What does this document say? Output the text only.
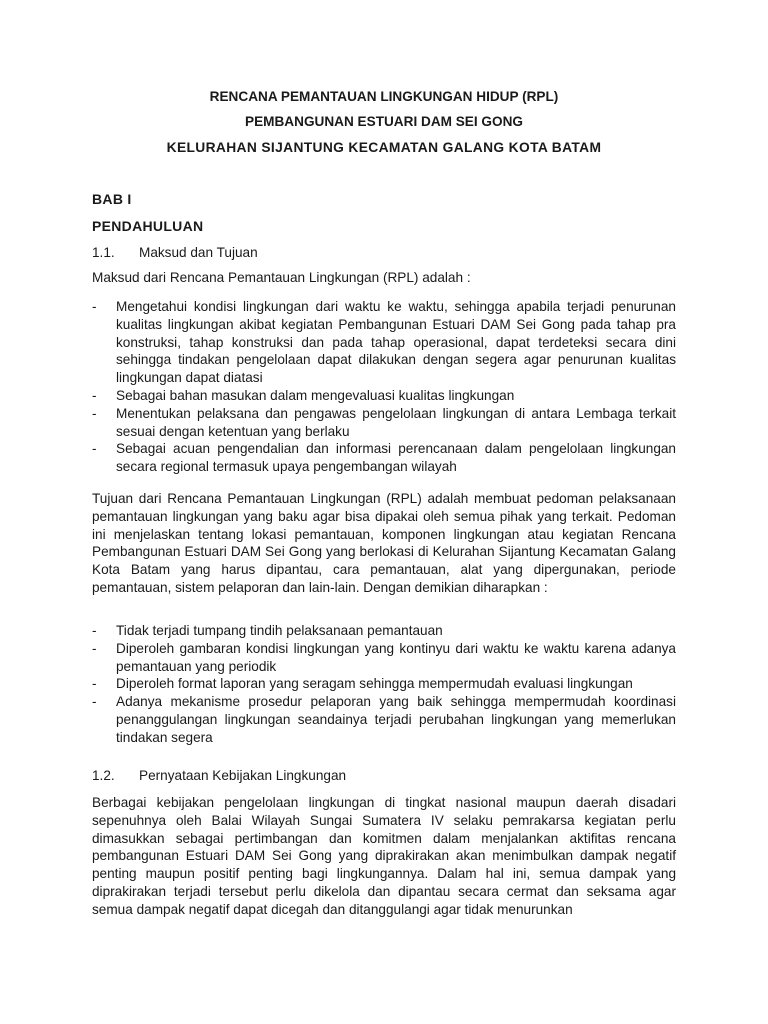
RENCANA PEMANTAUAN LINGKUNGAN HIDUP (RPL)

PEMBANGUNAN ESTUARI DAM SEI GONG

KELURAHAN SIJANTUNG KECAMATAN GALANG KOTA BATAM

BAB I
PENDAHULUAN
1.1. Maksud dan Tujuan

Maksud dari Rencana Pemantauan Lingkungan (RPL) adalah :

- Mengetahui kondisi lingkungan dari waktu ke waktu, sehingga apabila terjadi penurunan kualitas lingkungan akibat kegiatan Pembangunan Estuari DAM Sei Gong pada tahap pra konstruksi, tahap konstruksi dan pada tahap operasional, dapat terdeteksi secara dini sehingga tindakan pengelolaan dapat dilakukan dengan segera agar penurunan kualitas lingkungan dapat diatasi
- Sebagai bahan masukan dalam mengevaluasi kualitas lingkungan
- Menentukan pelaksana dan pengawas pengelolaan lingkungan di antara Lembaga terkait sesuai dengan ketentuan yang berlaku
- Sebagai acuan pengendalian dan informasi perencanaan dalam pengelolaan lingkungan secara regional termasuk upaya pengembangan wilayah

Tujuan dari Rencana Pemantauan Lingkungan (RPL) adalah membuat pedoman pelaksanaan pemantauan lingkungan yang baku agar bisa dipakai oleh semua pihak yang terkait. Pedoman ini menjelaskan tentang lokasi pemantauan, komponen lingkungan atau kegiatan Rencana Pembangunan Estuari DAM Sei Gong yang berlokasi di Kelurahan Sijantung Kecamatan Galang Kota Batam yang harus dipantau, cara pemantauan, alat yang dipergunakan, periode pemantauan, sistem pelaporan dan lain-lain. Dengan demikian diharapkan :

- Tidak terjadi tumpang tindih pelaksanaan pemantauan
- Diperoleh gambaran kondisi lingkungan yang kontinyu dari waktu ke waktu karena adanya pemantauan yang periodik
- Diperoleh format laporan yang seragam sehingga mempermudah evaluasi lingkungan
- Adanya mekanisme prosedur pelaporan yang baik sehingga mempermudah koordinasi penanggulangan lingkungan seandainya terjadi perubahan lingkungan yang memerlukan tindakan segera
1.2. Pernyataan Kebijakan Lingkungan

Berbagai kebijakan pengelolaan lingkungan di tingkat nasional maupun daerah disadari sepenuhnya oleh Balai Wilayah Sungai Sumatera IV selaku pemrakarsa kegiatan perlu dimasukkan sebagai pertimbangan dan komitmen dalam menjalankan aktifitas rencana pembangunan Estuari DAM Sei Gong yang diprakirakan akan menimbulkan dampak negatif penting maupun positif penting bagi lingkungannya. Dalam hal ini, semua dampak yang diprakirakan terjadi tersebut perlu dikelola dan dipantau secara cermat dan seksama agar semua dampak negatif dapat dicegah dan ditanggulangi agar tidak menurunkan
